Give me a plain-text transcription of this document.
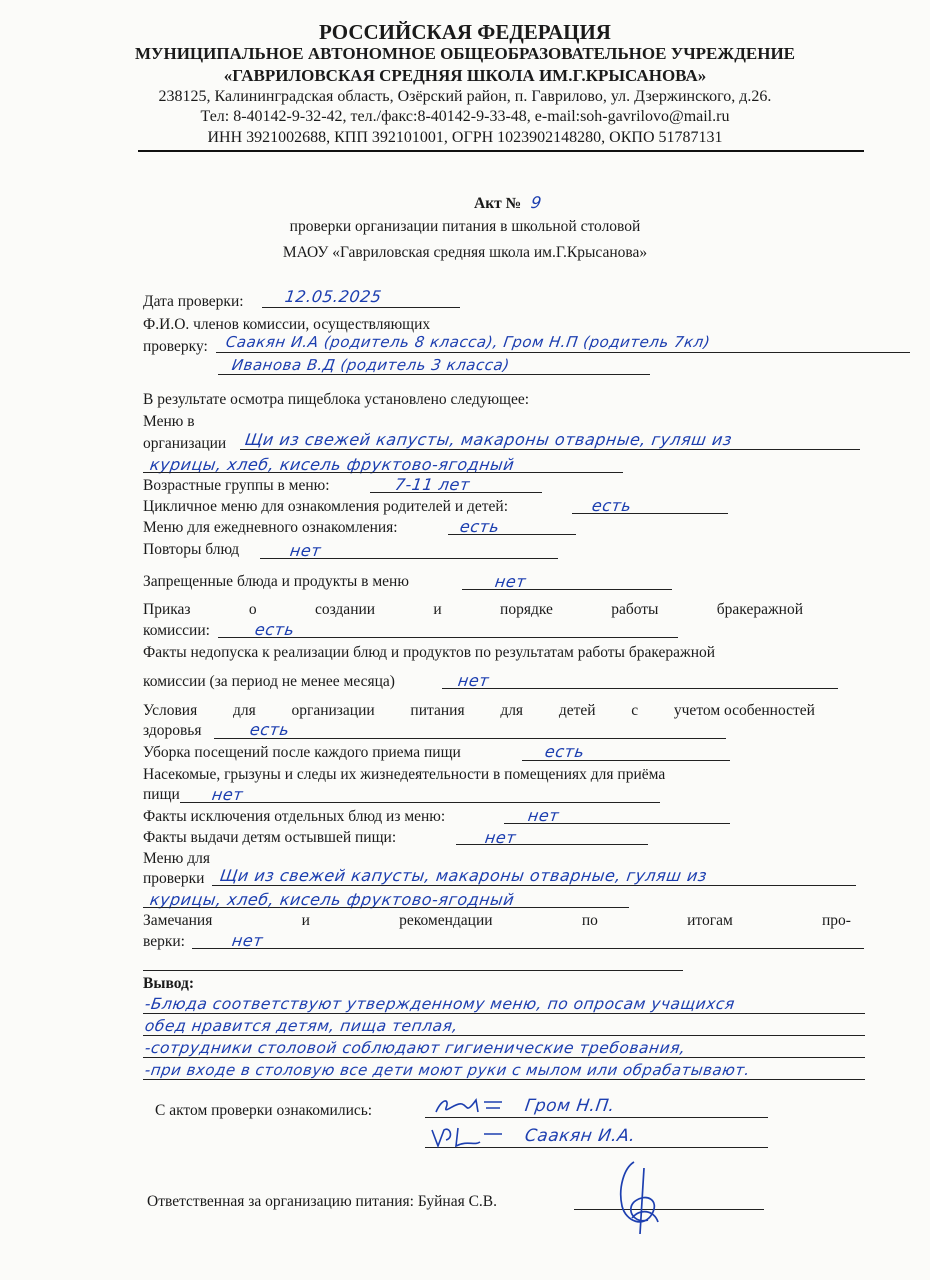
РОССИЙСКАЯ ФЕДЕРАЦИЯ
МУНИЦИПАЛЬНОЕ АВТОНОМНОЕ ОБЩЕОБРАЗОВАТЕЛЬНОЕ УЧРЕЖДЕНИЕ
«ГАВРИЛОВСКАЯ СРЕДНЯЯ ШКОЛА ИМ.Г.КРЫСАНОВА»
238125, Калининградская область, Озёрский район, п. Гаврилово, ул. Дзержинского, д.26.
Тел: 8-40142-9-32-42, тел./факс:8-40142-9-33-48, e-mail:soh-gavrilovo@mail.ru
ИНН 3921002688, КПП 392101001, ОГРН 1023902148280, ОКПО 51787131
Акт № 9
проверки организации питания в школьной столовой
МАОУ «Гавриловская средняя школа им.Г.Крысанова»
Дата проверки:	12.05.2025
Ф.И.О. членов комиссии, осуществляющих
проверку: Саакян И.А (родитель 8 класса), Гром Н.П (родитель 7кл)
Иванова В.Д (родитель 3 класса)
В результате осмотра пищеблока установлено следующее:
Меню в
организации Щи из свежей капусты, макароны отварные, гуляш из
курицы, хлеб, кисель фруктово-ягодный
Возрастные группы в меню:	7-11 лет
Цикличное меню для ознакомления родителей и детей:	есть
Меню для ежедневного ознакомления:	есть
Повторы блюд	нет
Запрещенные блюда и продукты в меню	нет
Приказ	о	создании	и	порядке	работы	бракеражной
комиссии:	есть
Факты недопуска к реализации блюд и продуктов по результатам работы бракеражной
комиссии (за период не менее месяца)	нет
Условия для организации питания для детей с учетом особенностей
здоровья	есть
Уборка посещений после каждого приема пищи	есть
Насекомые, грызуны и следы их жизнедеятельности в помещениях для приёма
пищи нет
Факты исключения отдельных блюд из меню:	нет
Факты выдачи детям остывшей пищи:	нет
Меню для
проверки Щи из свежей капусты, макароны отварные, гуляш из
курицы, хлеб, кисель фруктово-ягодный
Замечания	и	рекомендации	по	итогам	про-
верки:	нет
Вывод:
-Блюда соответствуют утвержденному меню, по опросам учащихся
обед нравится детям, пища теплая,
-сотрудники столовой соблюдают гигиенические требования,
-при входе в столовую все дети моют руки с мылом или обрабатывают.
С актом проверки ознакомились:	Гром Н.П.
Саакян И.А.
Ответственная за организацию питания: Буйная С.В.
